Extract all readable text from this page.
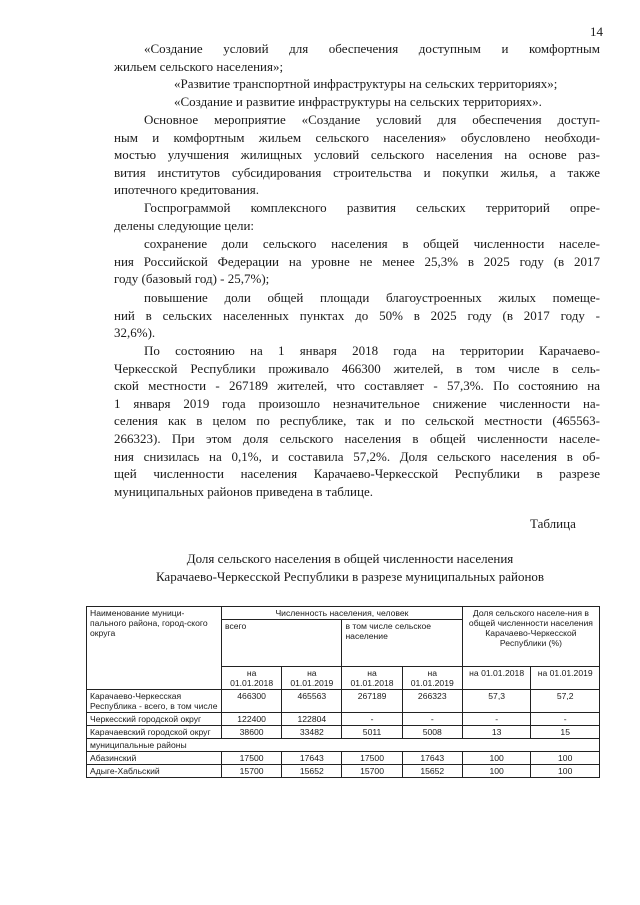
14
«Создание условий для обеспечения доступным и комфортным
жильем сельского населения»;
«Развитие транспортной инфраструктуры на сельских территориях»;
«Создание и развитие инфраструктуры на сельских территориях».
Основное мероприятие «Создание условий для обеспечения доступ-
ным и комфортным жильем сельского населения» обусловлено необходи-
мостью улучшения жилищных условий сельского населения на основе раз-
вития институтов субсидирования строительства и покупки жилья, а также
ипотечного кредитования.
Госпрограммой комплексного развития сельских территорий опре-
делены следующие цели:
сохранение доли сельского населения в общей численности населе-
ния Российской Федерации на уровне не менее 25,3% в 2025 году (в 2017
году (базовый год) - 25,7%);
повышение доли общей площади благоустроенных жилых помеще-
ний в сельских населенных пунктах до 50% в 2025 году (в 2017 году -
32,6%).
По состоянию на 1 января 2018 года на территории Карачаево-
Черкесской Республики проживало 466300 жителей, в том числе в сель-
ской местности - 267189 жителей, что составляет - 57,3%. По состоянию на
1 января 2019 года произошло незначительное снижение численности на-
селения как в целом по республике, так и по сельской местности (465563-
266323). При этом доля сельского населения в общей численности населе-
ния снизилась на 0,1%, и составила 57,2%. Доля сельского населения в об-
щей численности населения Карачаево-Черкесской Республики в разрезе
муниципальных районов приведена в таблице.
Таблица
Доля сельского населения в общей численности населения
Карачаево-Черкесской Республики в разрезе муниципальных районов
Наименование муници-пального района, город-ского округа	Численность населения, человек				Доля сельского населе-ния в общей численности населения Карачаево-Черкесской Республики (%)	
	всего		в том числе сельское население			
	на 01.01.2018	на 01.01.2019	на 01.01.2018	на 01.01.2019	на 01.01.2018	на 01.01.2019
Карачаево-Черкесская Республика - всего, в том числе	466300	465563	267189	266323	57,3	57,2
Черкесский городской округ	122400	122804	-	-	-	-
Карачаевский городской округ	38600	33482	5011	5008	13	15
муниципальные районы						
Абазинский	17500	17643	17500	17643	100	100
Адыге-Хабльский	15700	15652	15700	15652	100	100
